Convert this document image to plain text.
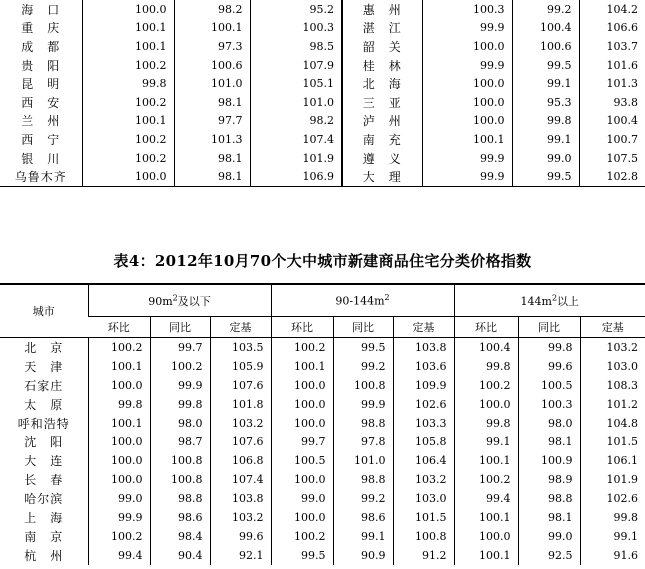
海　口	100.0	98.2	95.2	惠　州	100.3	99.2	104.2
重　庆	100.1	100.1	100.3	湛　江	99.9	100.4	106.6
成　都	100.1	97.3	98.5	韶　关	100.0	100.6	103.7
贵　阳	100.2	100.6	107.9	桂　林	99.9	99.5	101.6
昆　明	99.8	101.0	105.1	北　海	100.0	99.1	101.3
西　安	100.2	98.1	101.0	三　亚	100.0	95.3	93.8
兰　州	100.1	97.7	98.2	泸　州	100.0	99.8	100.4
西　宁	100.2	101.3	107.4	南　充	100.1	99.1	100.7
银　川	100.2	98.1	101.9	遵　义	99.9	99.0	107.5
乌鲁木齐	100.0	98.1	106.9	大　理	99.9	99.5	102.8
表4：2012年10月70个大中城市新建商品住宅分类价格指数
城市	$90m^2$及以下			$90-144m^2$			$144m^2$以上		
	环比	同比	定基	环比	同比	定基	环比	同比	定基
北　京	100.2	99.7	103.5	100.2	99.5	103.8	100.4	99.8	103.2
天　津	100.1	100.2	105.9	100.1	99.2	103.6	99.8	99.6	103.0
石家庄	100.0	99.9	107.6	100.0	100.8	109.9	100.2	100.5	108.3
太　原	99.8	99.8	101.8	100.0	99.9	102.6	100.0	100.3	101.2
呼和浩特	100.1	98.0	103.2	100.0	98.8	103.3	99.8	98.0	104.8
沈　阳	100.0	98.7	107.6	99.7	97.8	105.8	99.1	98.1	101.5
大　连	100.0	100.8	106.8	100.5	101.0	106.4	100.1	100.9	106.1
长　春	100.0	100.8	107.4	100.0	98.8	103.2	100.2	98.9	101.9
哈尔滨	99.0	98.8	103.8	99.0	99.2	103.0	99.4	98.8	102.6
上　海	99.9	98.6	103.2	100.0	98.6	101.5	100.1	98.1	99.8
南　京	100.2	98.4	99.6	100.2	99.1	100.8	100.0	99.0	99.1
杭　州	99.4	90.4	92.1	99.5	90.9	91.2	100.1	92.5	91.6
